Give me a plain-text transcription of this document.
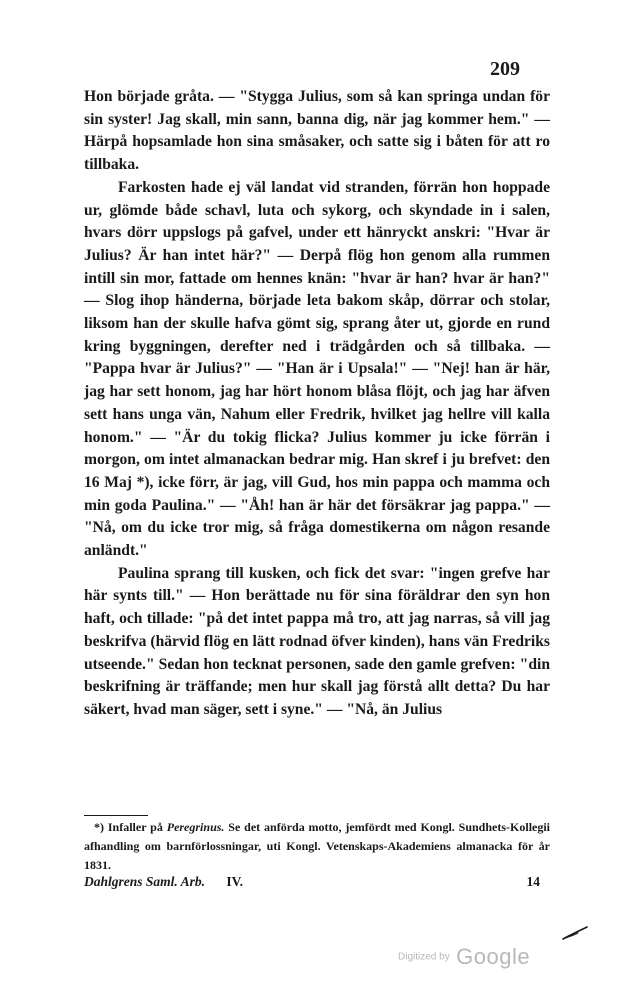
209

Hon började gråta. — "Stygga Julius, som så kan springa undan för sin syster! Jag skall, min sann, banna dig, när jag kommer hem." — Härpå hopsamlade hon sina småsaker, och satte sig i båten för att ro tillbaka.

Farkosten hade ej väl landat vid stranden, förrän hon hoppade ur, glömde både schavl, luta och sykorg, och skyndade in i salen, hvars dörr uppslogs på gafvel, under ett hänryckt anskri: "Hvar är Julius? Är han intet här?" — Derpå flög hon genom alla rummen intill sin mor, fattade om hennes knän: "hvar är han? hvar är han?" — Slog ihop händerna, började leta bakom skåp, dörrar och stolar, liksom han der skulle hafva gömt sig, sprang åter ut, gjorde en rund kring byggningen, derefter ned i trädgården och så tillbaka. — "Pappa hvar är Julius?" — "Han är i Upsala!" — "Nej! han är här, jag har sett honom, jag har hört honom blåsa flöjt, och jag har äfven sett hans unga vän, Nahum eller Fredrik, hvilket jag hellre vill kalla honom." — "Är du tokig flicka? Julius kommer ju icke förrän i morgon, om intet almanackan bedrar mig. Han skref i ju brefvet: den 16 Maj *), icke förr, är jag, vill Gud, hos min pappa och mamma och min goda Paulina." — "Åh! han är här det försäkrar jag pappa." — "Nå, om du icke tror mig, så fråga domestikerna om någon resande anländt."

Paulina sprang till kusken, och fick det svar: "ingen grefve har här synts till." — Hon berättade nu för sina föräldrar den syn hon haft, och tillade: "på det intet pappa må tro, att jag narras, så vill jag beskrifva (härvid flög en lätt rodnad öfver kinden), hans vän Fredriks utseende." Sedan hon tecknat personen, sade den gamle grefven: "din beskrifning är träffande; men hur skall jag förstå allt detta? Du har säkert, hvad man säger, sett i syne." — "Nå, än Julius

*) Infaller på Peregrinus. Se det anförda motto, jemfördt med Kongl. Sundhets-Kollegii afhandling om barnförlossningar, uti Kongl. Vetenskaps-Akademiens almanacka för år 1831.
Dahlgrens Saml. Arb. IV.	14
Digitized by Google
